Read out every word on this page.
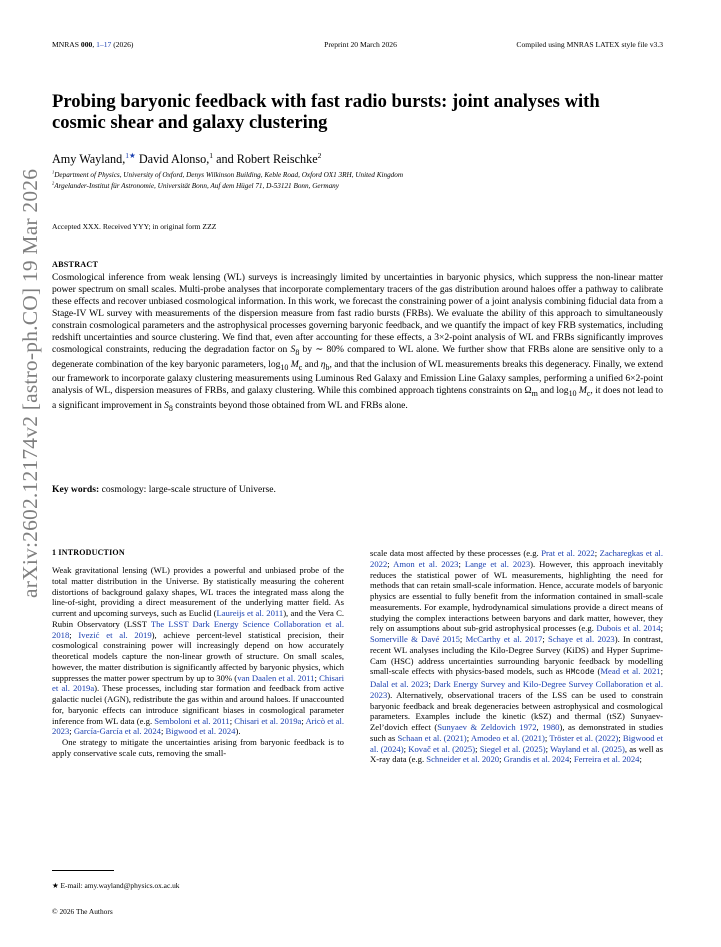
MNRAS 000, 1–17 (2026)	Preprint 20 March 2026	Compiled using MNRAS LATEX style file v3.3
arXiv:2602.12174v2 [astro-ph.CO] 19 Mar 2026
Probing baryonic feedback with fast radio bursts: joint analyses with cosmic shear and galaxy clustering
Amy Wayland,$^{1★}$ David Alonso,$^1$ and Robert Reischke$^2$
$^1$Department of Physics, University of Oxford, Denys Wilkinson Building, Keble Road, Oxford OX1 3RH, United Kingdom
$^2$Argelander-Institut für Astronomie, Universität Bonn, Auf dem Hügel 71, D-53121 Bonn, Germany
Accepted XXX. Received YYY; in original form ZZZ
ABSTRACT
Cosmological inference from weak lensing (WL) surveys is increasingly limited by uncertainties in baryonic physics, which suppress the non-linear matter power spectrum on small scales. Multi-probe analyses that incorporate complementary tracers of the gas distribution around haloes offer a pathway to calibrate these effects and recover unbiased cosmological information. In this work, we forecast the constraining power of a joint analysis combining fiducial data from a Stage-IV WL survey with measurements of the dispersion measure from fast radio bursts (FRBs). We evaluate the ability of this approach to simultaneously constrain cosmological parameters and the astrophysical processes governing baryonic feedback, and we quantify the impact of key FRB systematics, including redshift uncertainties and source clustering. We find that, even after accounting for these effects, a 3×2-point analysis of WL and FRBs significantly improves cosmological constraints, reducing the degradation factor on $S_8$ by ∼ 80% compared to WL alone. We further show that FRBs alone are sensitive only to a degenerate combination of the key baryonic parameters, $\log_{10} M_c$ and $\eta_b$, and that the inclusion of WL measurements breaks this degeneracy. Finally, we extend our framework to incorporate galaxy clustering measurements using Luminous Red Galaxy and Emission Line Galaxy samples, performing a unified 6×2-point analysis of WL, dispersion measures of FRBs, and galaxy clustering. While this combined approach tightens constraints on $\Omega_m$ and $\log_{10} M_c$, it does not lead to a significant improvement in $S_8$ constraints beyond those obtained from WL and FRBs alone.
Key words: cosmology: large-scale structure of Universe.
1 INTRODUCTION

Weak gravitational lensing (WL) provides a powerful and unbiased probe of the total matter distribution in the Universe. By statistically measuring the coherent distortions of background galaxy shapes, WL traces the integrated mass along the line-of-sight, providing a direct measurement of the underlying matter field. As current and upcoming surveys, such as Euclid (Laureijs et al. 2011), and the Vera C. Rubin Observatory (LSST The LSST Dark Energy Science Collaboration et al. 2018; Ivezić et al. 2019), achieve percent-level statistical precision, their cosmological constraining power will increasingly depend on how accurately theoretical models capture the non-linear growth of structure. On small scales, however, the matter distribution is significantly affected by baryonic physics, which suppresses the matter power spectrum by up to 30% (van Daalen et al. 2011; Chisari et al. 2019a). These processes, including star formation and feedback from active galactic nuclei (AGN), redistribute the gas within and around haloes. If unaccounted for, baryonic effects can introduce significant biases in cosmological parameter inference from WL data (e.g. Semboloni et al. 2011; Chisari et al. 2019a; Aricò et al. 2023; García-García et al. 2024; Bigwood et al. 2024).

One strategy to mitigate the uncertainties arising from baryonic feedback is to apply conservative scale cuts, removing the small-

scale data most affected by these processes (e.g. Prat et al. 2022; Zacharegkas et al. 2022; Amon et al. 2023; Lange et al. 2023). However, this approach inevitably reduces the statistical power of WL measurements, highlighting the need for methods that can retain small-scale information. Hence, accurate models of baryonic physics are essential to fully benefit from the information contained in small-scale measurements. For example, hydrodynamical simulations provide a direct means of studying the complex interactions between baryons and dark matter, however, they rely on assumptions about sub-grid astrophysical processes (e.g. Dubois et al. 2014; Somerville & Davé 2015; McCarthy et al. 2017; Schaye et al. 2023). In contrast, recent WL analyses including the Kilo-Degree Survey (KiDS) and Hyper Suprime-Cam (HSC) address uncertainties surrounding baryonic feedback by modelling small-scale effects with physics-based models, such as HMcode (Mead et al. 2021; Dalal et al. 2023; Dark Energy Survey and Kilo-Degree Survey Collaboration et al. 2023). Alternatively, observational tracers of the LSS can be used to constrain baryonic feedback and break degeneracies between astrophysical and cosmological parameters. Examples include the kinetic (kSZ) and thermal (tSZ) Sunyaev-Zel’dovich effect (Sunyaev & Zeldovich 1972, 1980), as demonstrated in studies such as Schaan et al. (2021); Amodeo et al. (2021); Tröster et al. (2022); Bigwood et al. (2024); Kovač et al. (2025); Siegel et al. (2025); Wayland et al. (2025), as well as X-ray data (e.g. Schneider et al. 2020; Grandis et al. 2024; Ferreira et al. 2024;

★ E-mail: amy.wayland@physics.ox.ac.uk
© 2026 The Authors
